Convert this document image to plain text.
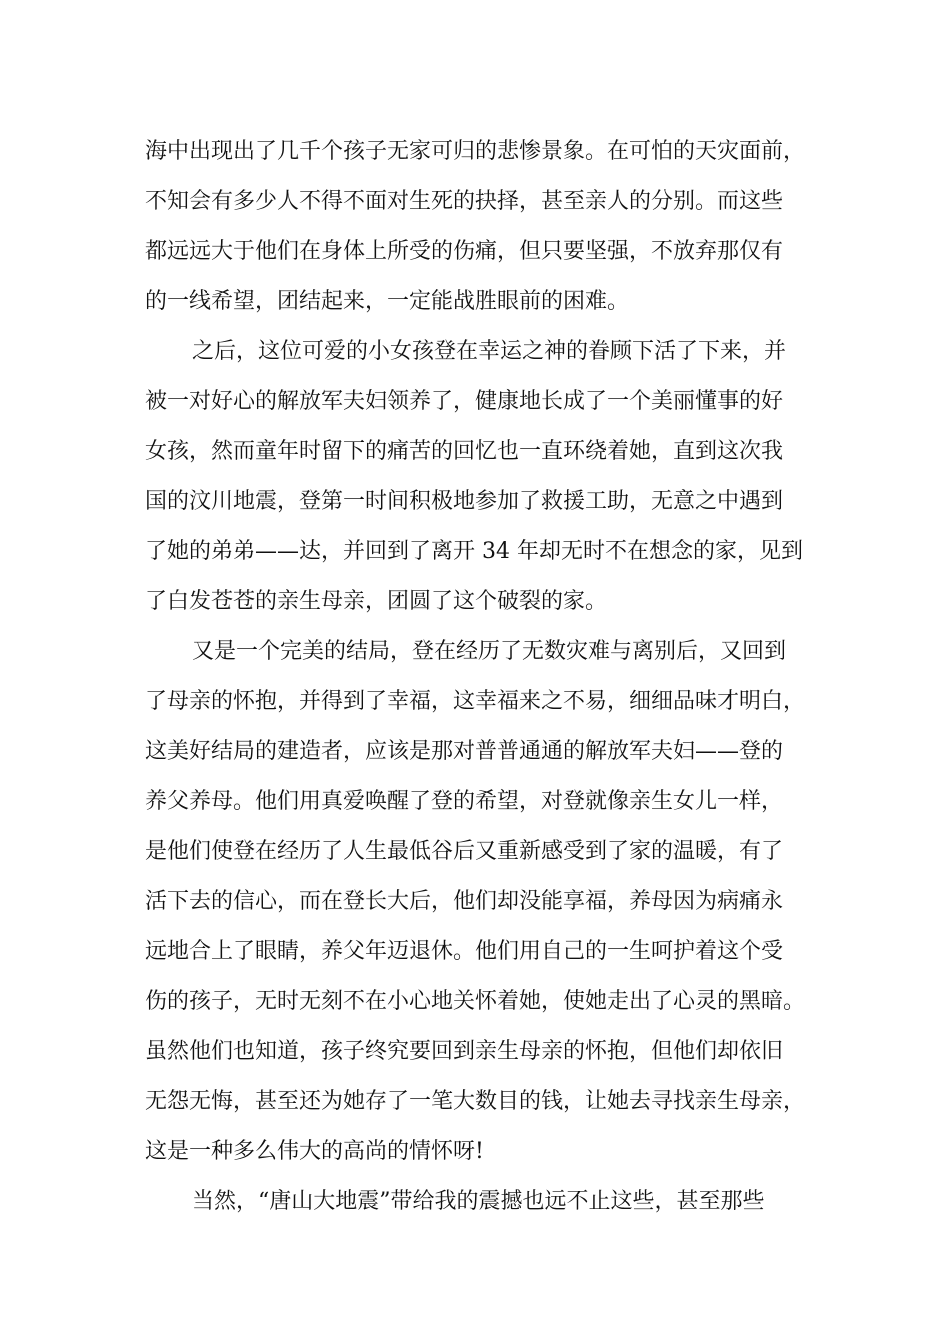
海中出现出了几千个孩子无家可归的悲惨景象。在可怕的天灾面前，
不知会有多少人不得不面对生死的抉择，甚至亲人的分别。而这些
都远远大于他们在身体上所受的伤痛，但只要坚强，不放弃那仅有
的一线希望，团结起来，一定能战胜眼前的困难。
之后，这位可爱的小女孩登在幸运之神的眷顾下活了下来，并
被一对好心的解放军夫妇领养了，健康地长成了一个美丽懂事的好
女孩，然而童年时留下的痛苦的回忆也一直环绕着她，直到这次我
国的汶川地震，登第一时间积极地参加了救援工助，无意之中遇到
了她的弟弟——达，并回到了离开 34 年却无时不在想念的家，见到
了白发苍苍的亲生母亲，团圆了这个破裂的家。
又是一个完美的结局，登在经历了无数灾难与离别后，又回到
了母亲的怀抱，并得到了幸福，这幸福来之不易，细细品味才明白，
这美好结局的建造者，应该是那对普普通通的解放军夫妇——登的
养父养母。他们用真爱唤醒了登的希望，对登就像亲生女儿一样，
是他们使登在经历了人生最低谷后又重新感受到了家的温暖，有了
活下去的信心，而在登长大后，他们却没能享福，养母因为病痛永
远地合上了眼睛，养父年迈退休。他们用自己的一生呵护着这个受
伤的孩子，无时无刻不在小心地关怀着她，使她走出了心灵的黑暗。
虽然他们也知道，孩子终究要回到亲生母亲的怀抱，但他们却依旧
无怨无悔，甚至还为她存了一笔大数目的钱，让她去寻找亲生母亲，
这是一种多么伟大的高尚的情怀呀!
当然，“唐山大地震”带给我的震撼也远不止这些，甚至那些
